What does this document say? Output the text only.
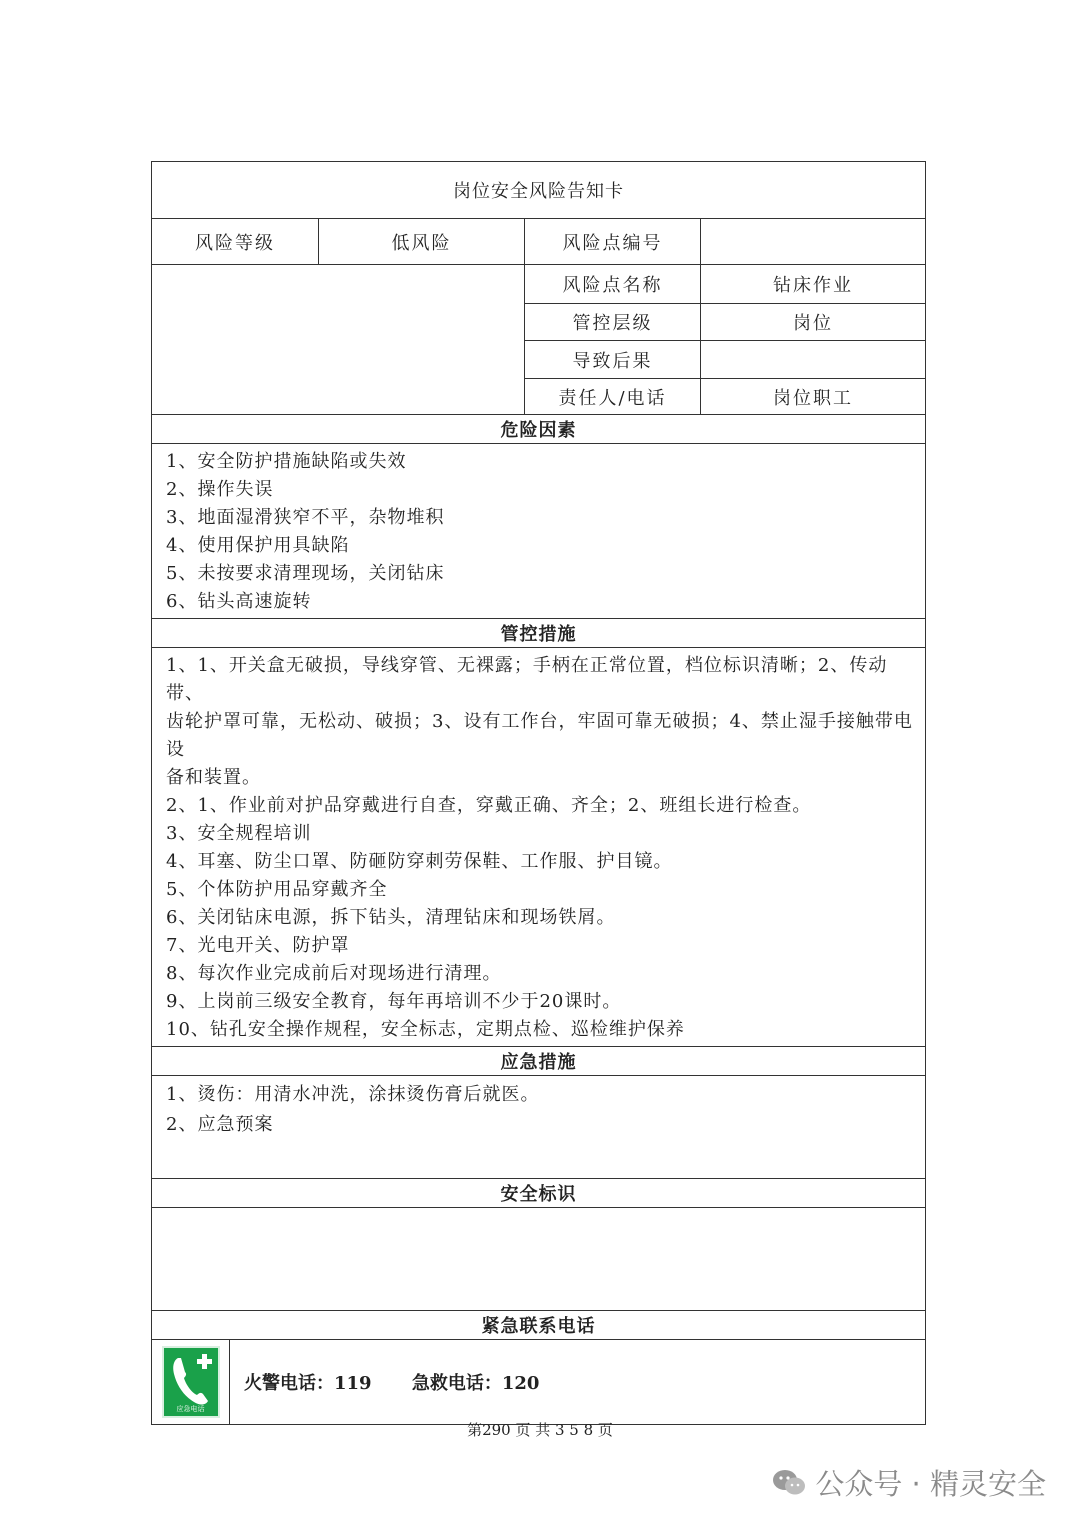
岗位安全风险告知卡
风险等级	低风险	风险点编号	
	风险点名称	钻床作业
管控层级	岗位
导致后果	
责任人/电话	岗位职工
危险因素

1、安全防护措施缺陷或失效
2、操作失误
3、地面湿滑狭窄不平，杂物堆积
4、使用保护用具缺陷
5、未按要求清理现场，关闭钻床
6、钻头高速旋转

管控措施

1、1、开关盒无破损，导线穿管、无裸露；手柄在正常位置，档位标识清晰；2、传动带、
齿轮护罩可靠，无松动、破损；3、设有工作台，牢固可靠无破损；4、禁止湿手接触带电设
备和装置。
2、1、作业前对护品穿戴进行自查，穿戴正确、齐全；2、班组长进行检查。
3、安全规程培训
4、耳塞、防尘口罩、防砸防穿刺劳保鞋、工作服、护目镜。
5、个体防护用品穿戴齐全
6、关闭钻床电源，拆下钻头，清理钻床和现场铁屑。
7、光电开关、防护罩
8、每次作业完成前后对现场进行清理。
9、上岗前三级安全教育，每年再培训不少于20课时。
10、钻孔安全操作规程，安全标志，定期点检、巡检维护保养

应急措施

1、烫伤：用清水冲洗，涂抹烫伤膏后就医。
2、应急预案

安全标识

紧急联系电话

应急电话
	火警电话：119 急救电话：120
第290 页 共 3 5 8 页
公众号 · 精灵安全
